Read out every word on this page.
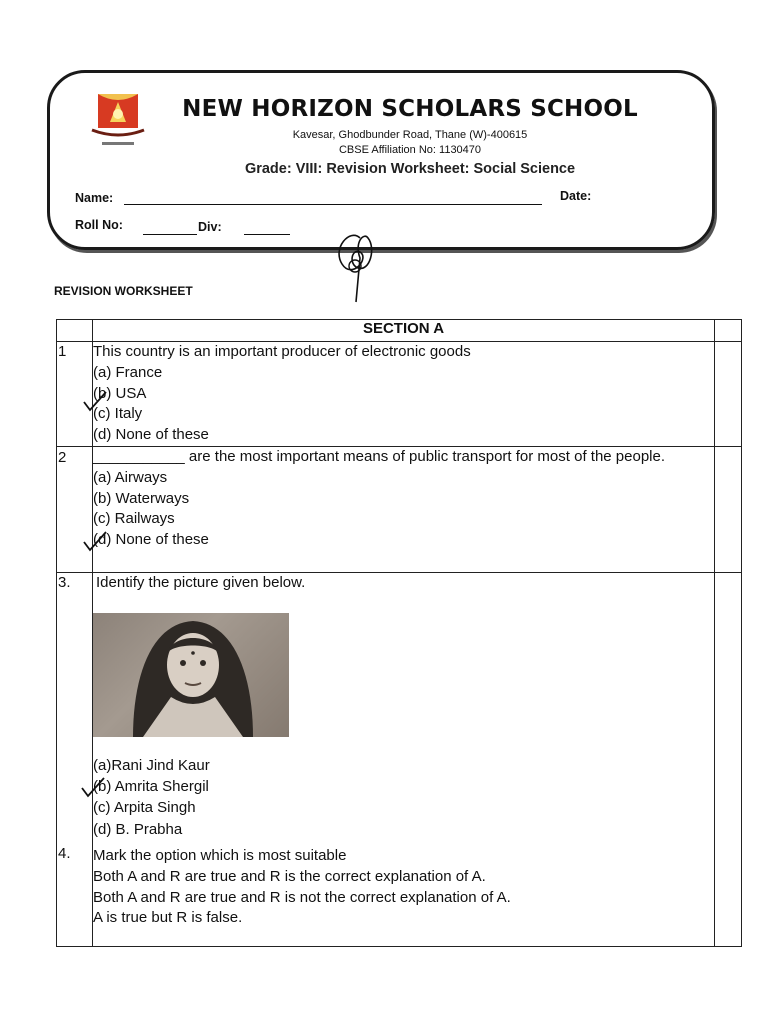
NEW HORIZON SCHOLARS SCHOOL
Kavesar, Ghodbunder Road, Thane (W)-400615
CBSE Affiliation No: 1130470
Grade: VIII: Revision Worksheet: Social Science
Name:	Date:
Roll No:	Div:
REVISION WORKSHEET
SECTION A
1 This country is an important producer of electronic goods
(a) France
(b) USA
(c) Italy
(d) None of these
2 ___________ are the most important means of public transport for most of the people.
(a) Airways
(b) Waterways
(c) Railways
(d) None of these
3. Identify the picture given below.
(a)Rani Jind Kaur
(b) Amrita Shergil
(c) Arpita Singh
(d) B. Prabha
4. Mark the option which is most suitable
Both A and R are true and R is the correct explanation of A.
Both A and R are true and R is not the correct explanation of A.
A is true but R is false.
